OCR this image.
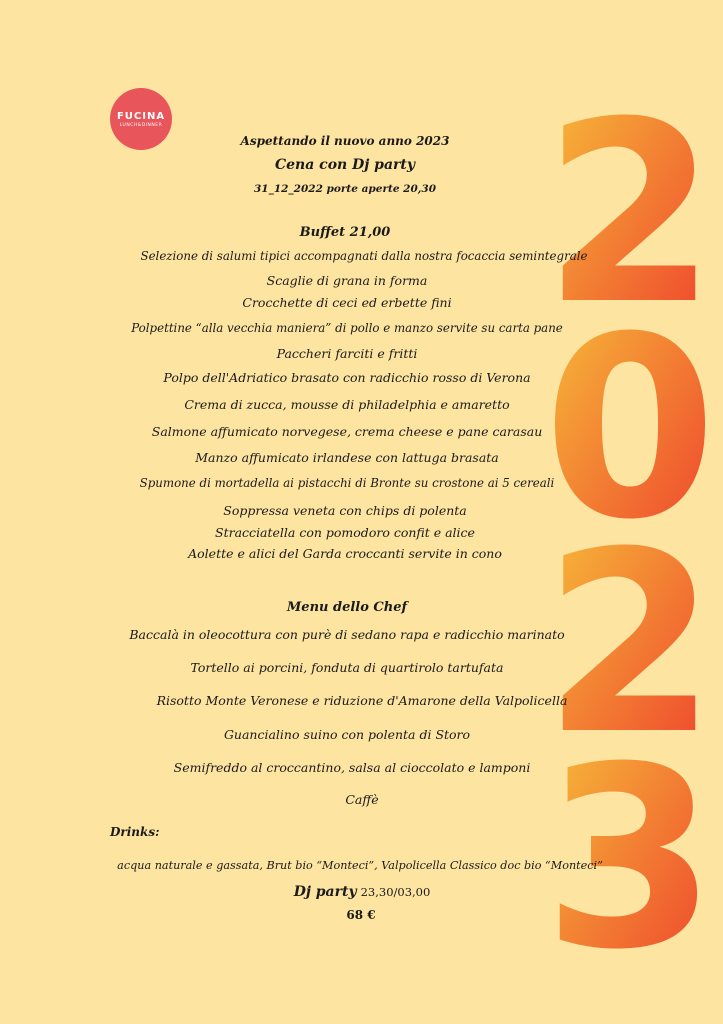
FUCINA
LUNCH&DINNER 2
0
2
3
Aspettando il nuovo anno 2023
Cena con Dj party
31_12_2022 porte aperte 20,30
Buffet 21,00
Selezione di salumi tipici accompagnati dalla nostra focaccia semintegrale
Scaglie di grana in forma
Crocchette di ceci ed erbette fini
Polpettine “alla vecchia maniera” di pollo e manzo servite su carta pane
Paccheri farciti e fritti
Polpo dell'Adriatico brasato con radicchio rosso di Verona
Crema di zucca, mousse di philadelphia e amaretto
Salmone affumicato norvegese, crema cheese e pane carasau
Manzo affumicato irlandese con lattuga brasata
Spumone di mortadella ai pistacchi di Bronte su crostone ai 5 cereali
Soppressa veneta con chips di polenta
Stracciatella con pomodoro confit e alice
Aolette e alici del Garda croccanti servite in cono
Menu dello Chef
Baccalà in oleocottura con purè di sedano rapa e radicchio marinato
Tortello ai porcini, fonduta di quartirolo tartufata
Risotto Monte Veronese e riduzione d'Amarone della Valpolicella
Guancialino suino con polenta di Storo
Semifreddo al croccantino, salsa al cioccolato e lamponi
Caffè
Drinks:
acqua naturale e gassata, Brut bio “Monteci”, Valpolicella Classico doc bio “Monteci”
Dj party 23,30/03,00
68 €
